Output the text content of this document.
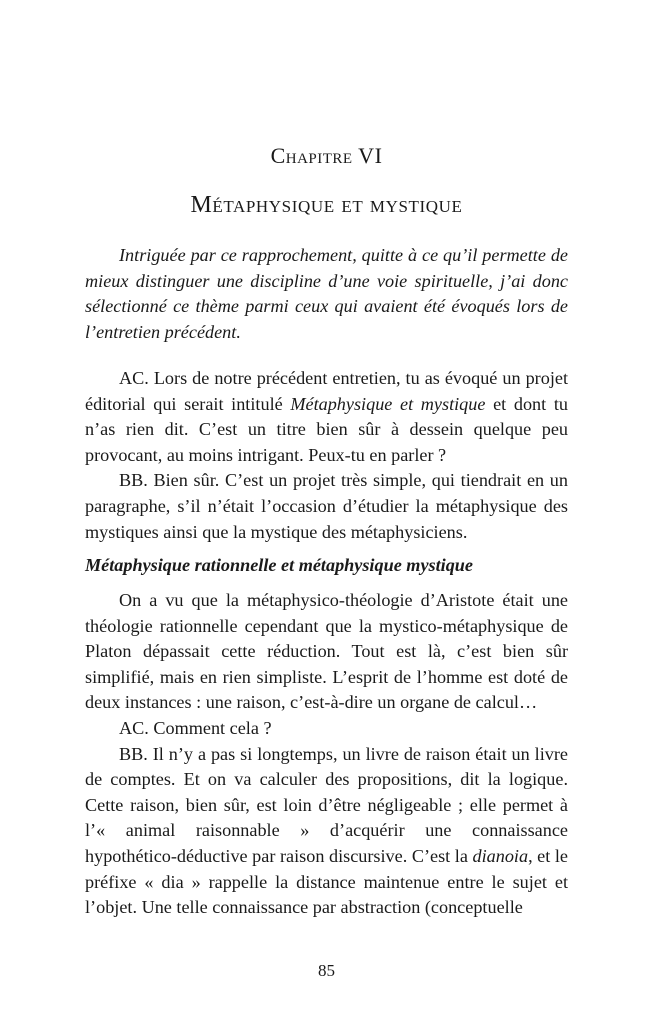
Chapitre VI
Métaphysique et mystique

Intriguée par ce rapprochement, quitte à ce qu’il permette de mieux distinguer une discipline d’une voie spirituelle, j’ai donc sélectionné ce thème parmi ceux qui avaient été évoqués lors de l’entretien précédent.

AC. Lors de notre précédent entretien, tu as évoqué un projet éditorial qui serait intitulé Métaphysique et mystique et dont tu n’as rien dit. C’est un titre bien sûr à dessein quelque peu provocant, au moins intrigant. Peux-tu en parler ?

BB. Bien sûr. C’est un projet très simple, qui tiendrait en un paragraphe, s’il n’était l’occasion d’étudier la métaphysique des mystiques ainsi que la mystique des métaphysiciens.

Métaphysique rationnelle et métaphysique mystique

On a vu que la métaphysico-théologie d’Aristote était une théologie rationnelle cependant que la mystico-métaphysique de Platon dépassait cette réduction. Tout est là, c’est bien sûr simplifié, mais en rien simpliste. L’esprit de l’homme est doté de deux instances : une raison, c’est-à-dire un organe de calcul…

AC. Comment cela ?

BB. Il n’y a pas si longtemps, un livre de raison était un livre de comptes. Et on va calculer des propositions, dit la logique. Cette raison, bien sûr, est loin d’être négligeable ; elle permet à l’« animal raisonnable » d’acquérir une connaissance hypothético-déductive par raison discursive. C’est la dianoia, et le préfixe « dia » rappelle la distance maintenue entre le sujet et l’objet. Une telle connaissance par abstraction (conceptuelle

85
